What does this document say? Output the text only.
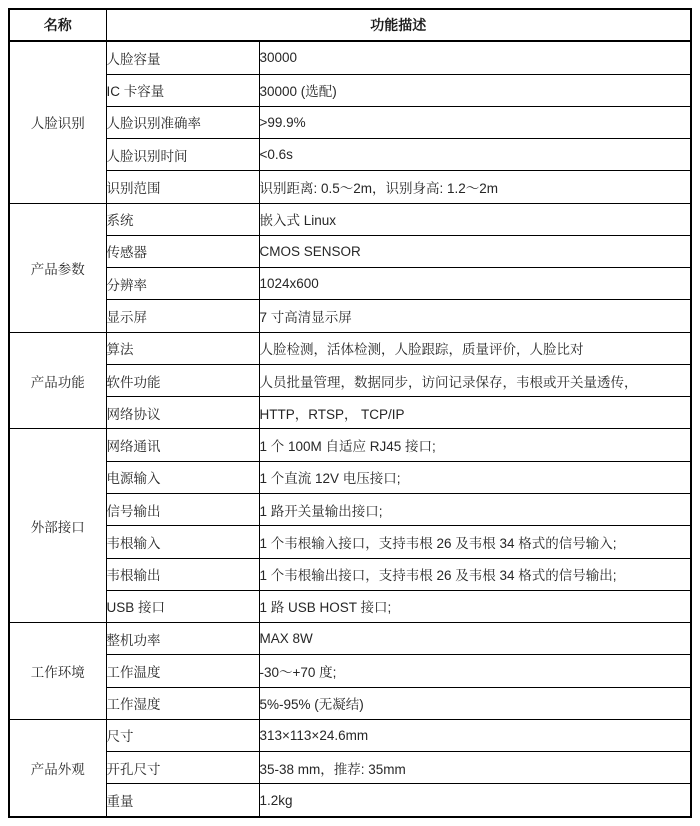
名称	功能描述	
人脸识别	人脸容量	30000
	IC 卡容量	30000 (选配)
	人脸识别准确率	>99.9%
	人脸识别时间	<0.6s
	识别范围	识别距离: 0.5～2m，识别身高: 1.2～2m
产品参数	系统	嵌入式 Linux
	传感器	CMOS SENSOR
	分辨率	1024x600
	显示屏	7 寸高清显示屏
产品功能	算法	人脸检测，活体检测，人脸跟踪，质量评价，人脸比对
	软件功能	人员批量管理，数据同步，访问记录保存，韦根或开关量透传，
	网络协议	HTTP，RTSP， TCP/IP
外部接口	网络通讯	1 个 100M 自适应 RJ45 接口;
	电源输入	1 个直流 12V 电压接口;
	信号输出	1 路开关量输出接口;
	韦根输入	1 个韦根输入接口，支持韦根 26 及韦根 34 格式的信号输入;
	韦根输出	1 个韦根输出接口，支持韦根 26 及韦根 34 格式的信号输出;
	USB 接口	1 路 USB HOST 接口;
工作环境	整机功率	MAX 8W
	工作温度	-30～+70 度;
	工作湿度	5%-95% (无凝结)
产品外观	尺寸	313×113×24.6mm
	开孔尺寸	35-38 mm，推荐: 35mm
	重量	1.2kg
